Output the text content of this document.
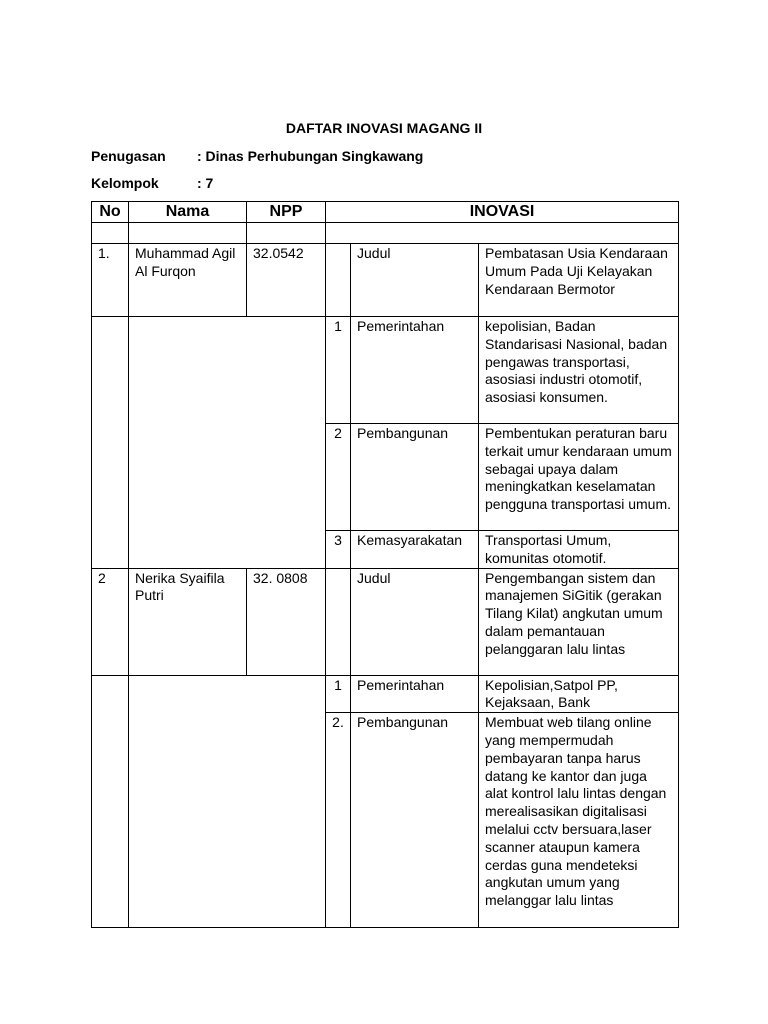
DAFTAR INOVASI MAGANG II
Penugasan : Dinas Perhubungan Singkawang
Kelompok	: 7
No	Nama	NPP	INOVASI		

1.	Muhammad Agil Al Furqon	32.0542		Judul	Pembatasan Usia Kendaraan Umum Pada Uji Kelayakan Kendaraan Bermotor
			1	Pemerintahan	kepolisian, Badan Standarisasi Nasional, badan pengawas transportasi, asosiasi industri otomotif, asosiasi konsumen.
			2	Pembangunan	Pembentukan peraturan baru terkait umur kendaraan umum sebagai upaya dalam meningkatkan keselamatan pengguna transportasi umum.
			3	Kemasyarakatan	Transportasi Umum, komunitas otomotif.
2	Nerika Syaifila Putri	32. 0808		Judul	Pengembangan sistem dan manajemen SiGitik (gerakan Tilang Kilat) angkutan umum dalam pemantauan pelanggaran lalu lintas
			1	Pemerintahan	Kepolisian,Satpol PP, Kejaksaan, Bank
			2.	Pembangunan	Membuat web tilang online yang mempermudah pembayaran tanpa harus datang ke kantor dan juga alat kontrol lalu lintas dengan merealisasikan digitalisasi melalui cctv bersuara,laser scanner ataupun kamera cerdas guna mendeteksi angkutan umum yang melanggar lalu lintas
